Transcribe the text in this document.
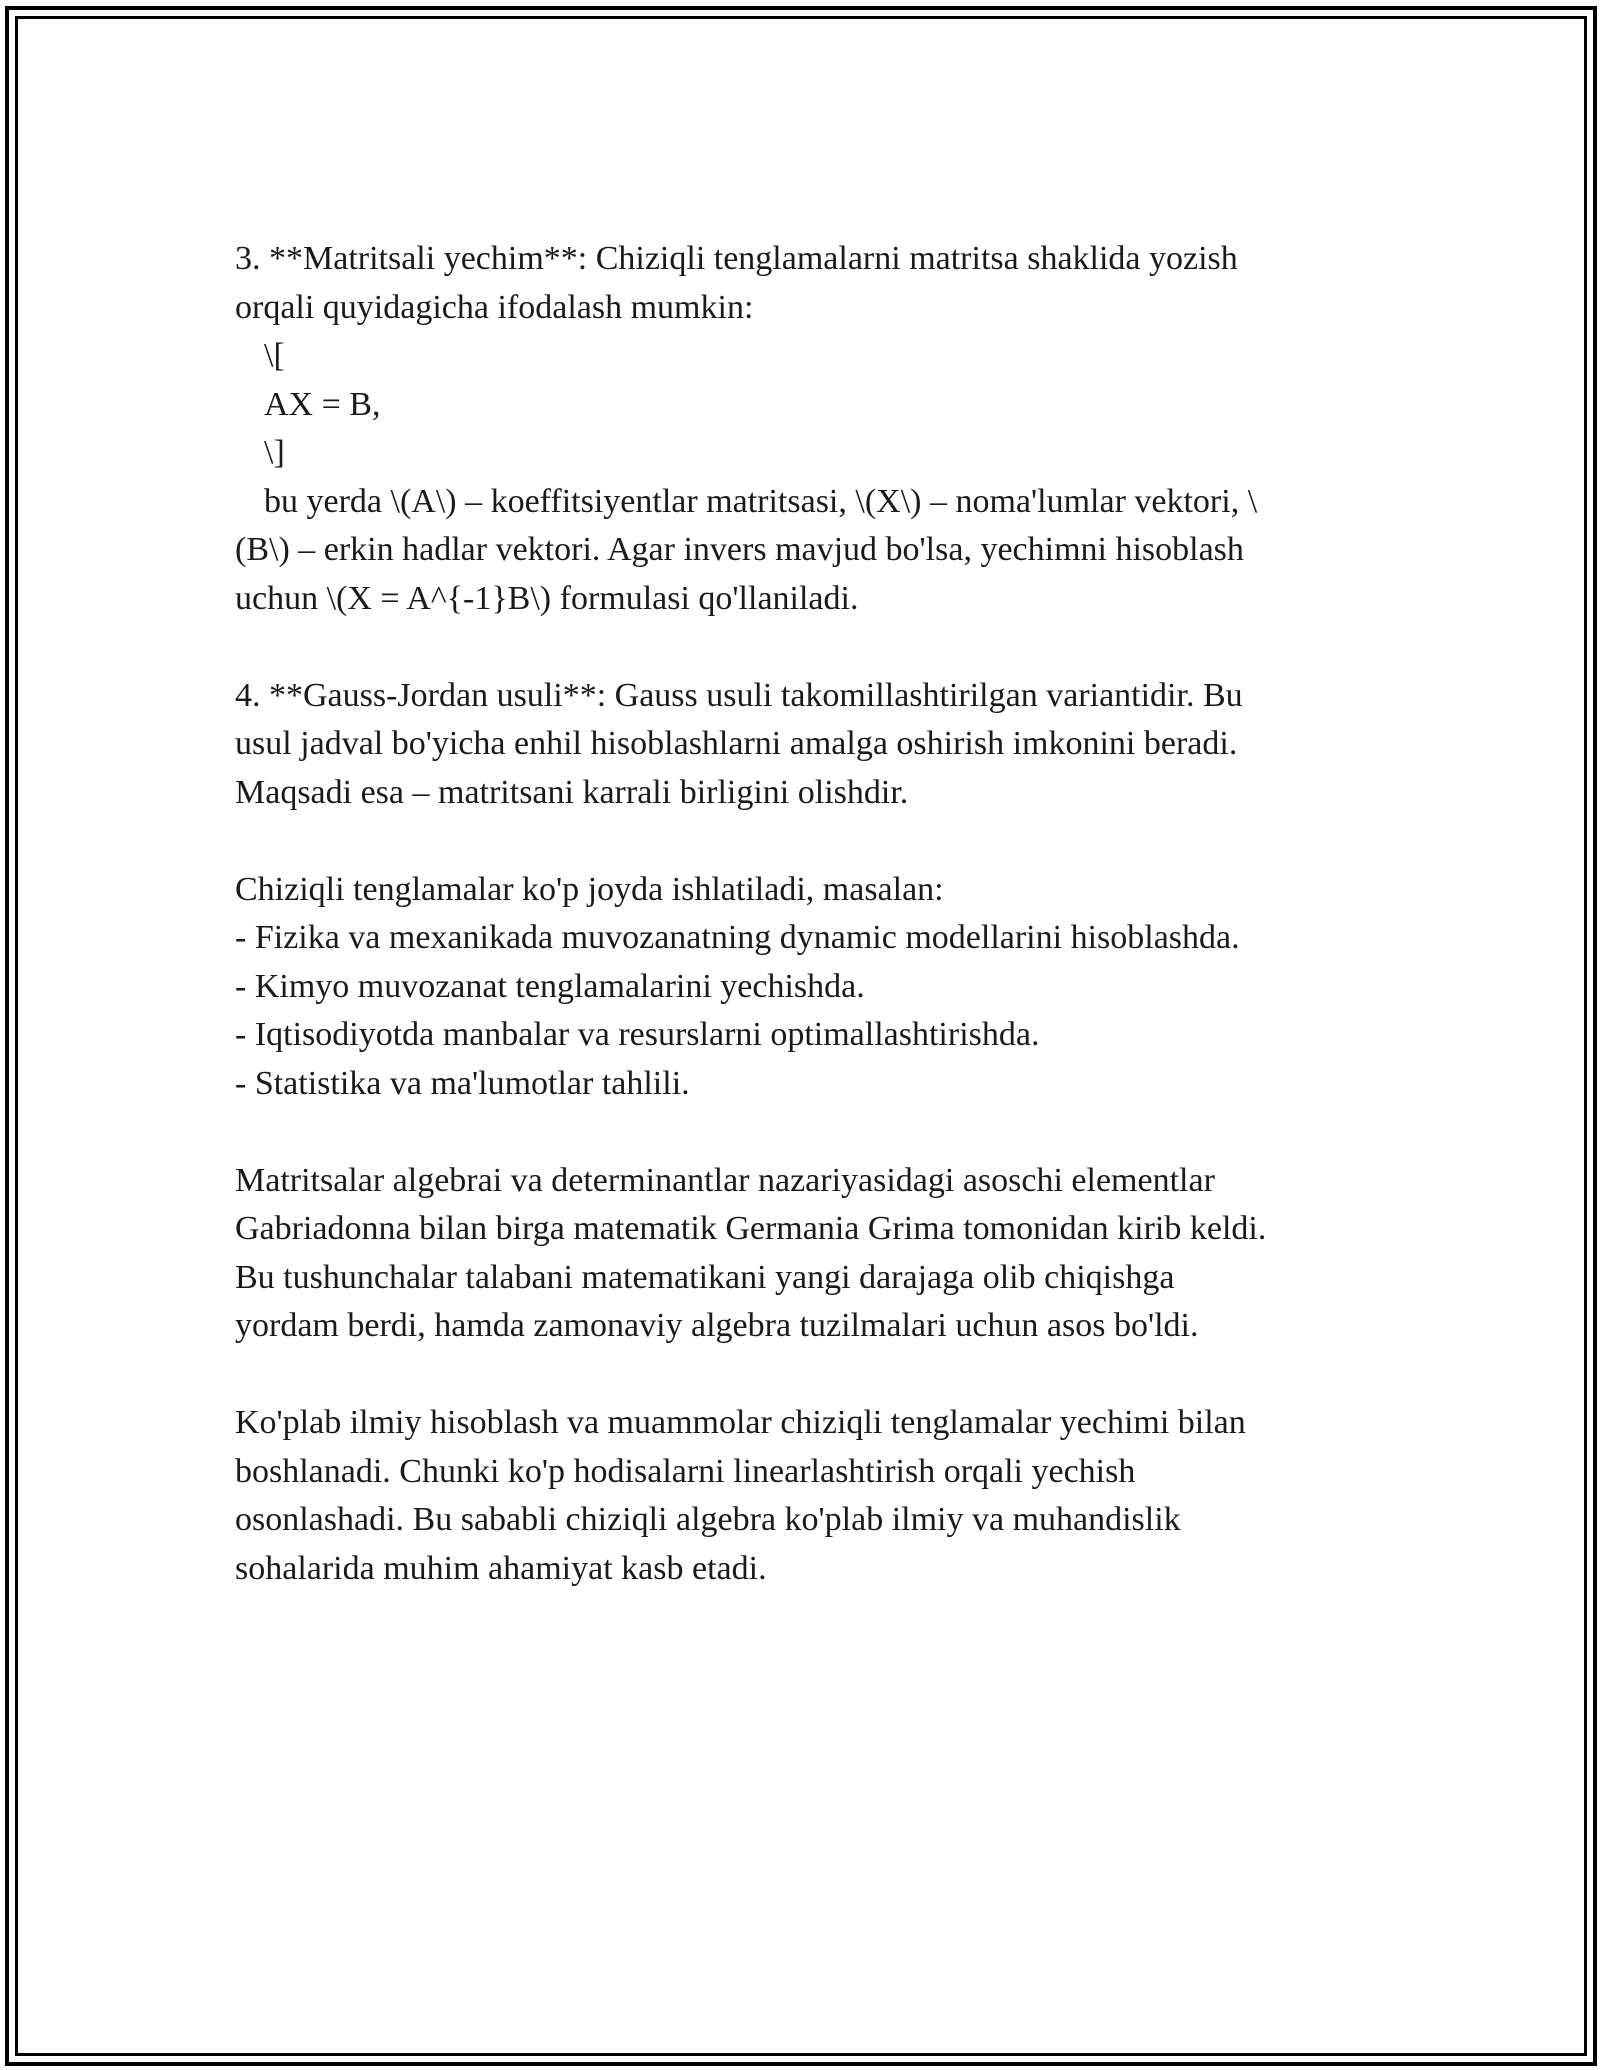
3. **Matritsali yechim**: Chiziqli tenglamalarni matritsa shaklida yozish
orqali quyidagicha ifodalash mumkin:
\[
AX = B,
\]
bu yerda \(A\) – koeffitsiyentlar matritsasi, \(X\) – noma'lumlar vektori, \
(B\) – erkin hadlar vektori. Agar invers mavjud bo'lsa, yechimni hisoblash
uchun \(X = A^{-1}B\) formulasi qo'llaniladi.
4. **Gauss-Jordan usuli**: Gauss usuli takomillashtirilgan variantidir. Bu
usul jadval bo'yicha enhil hisoblashlarni amalga oshirish imkonini beradi.
Maqsadi esa – matritsani karrali birligini olishdir.
Chiziqli tenglamalar ko'p joyda ishlatiladi, masalan:
- Fizika va mexanikada muvozanatning dynamic modellarini hisoblashda.
- Kimyo muvozanat tenglamalarini yechishda.
- Iqtisodiyotda manbalar va resurslarni optimallashtirishda.
- Statistika va ma'lumotlar tahlili.
Matritsalar algebrai va determinantlar nazariyasidagi asoschi elementlar
Gabriadonna bilan birga matematik Germania Grima tomonidan kirib keldi.
Bu tushunchalar talabani matematikani yangi darajaga olib chiqishga
yordam berdi, hamda zamonaviy algebra tuzilmalari uchun asos bo'ldi.
Ko'plab ilmiy hisoblash va muammolar chiziqli tenglamalar yechimi bilan
boshlanadi. Chunki ko'p hodisalarni linearlashtirish orqali yechish
osonlashadi. Bu sababli chiziqli algebra ko'plab ilmiy va muhandislik
sohalarida muhim ahamiyat kasb etadi.
